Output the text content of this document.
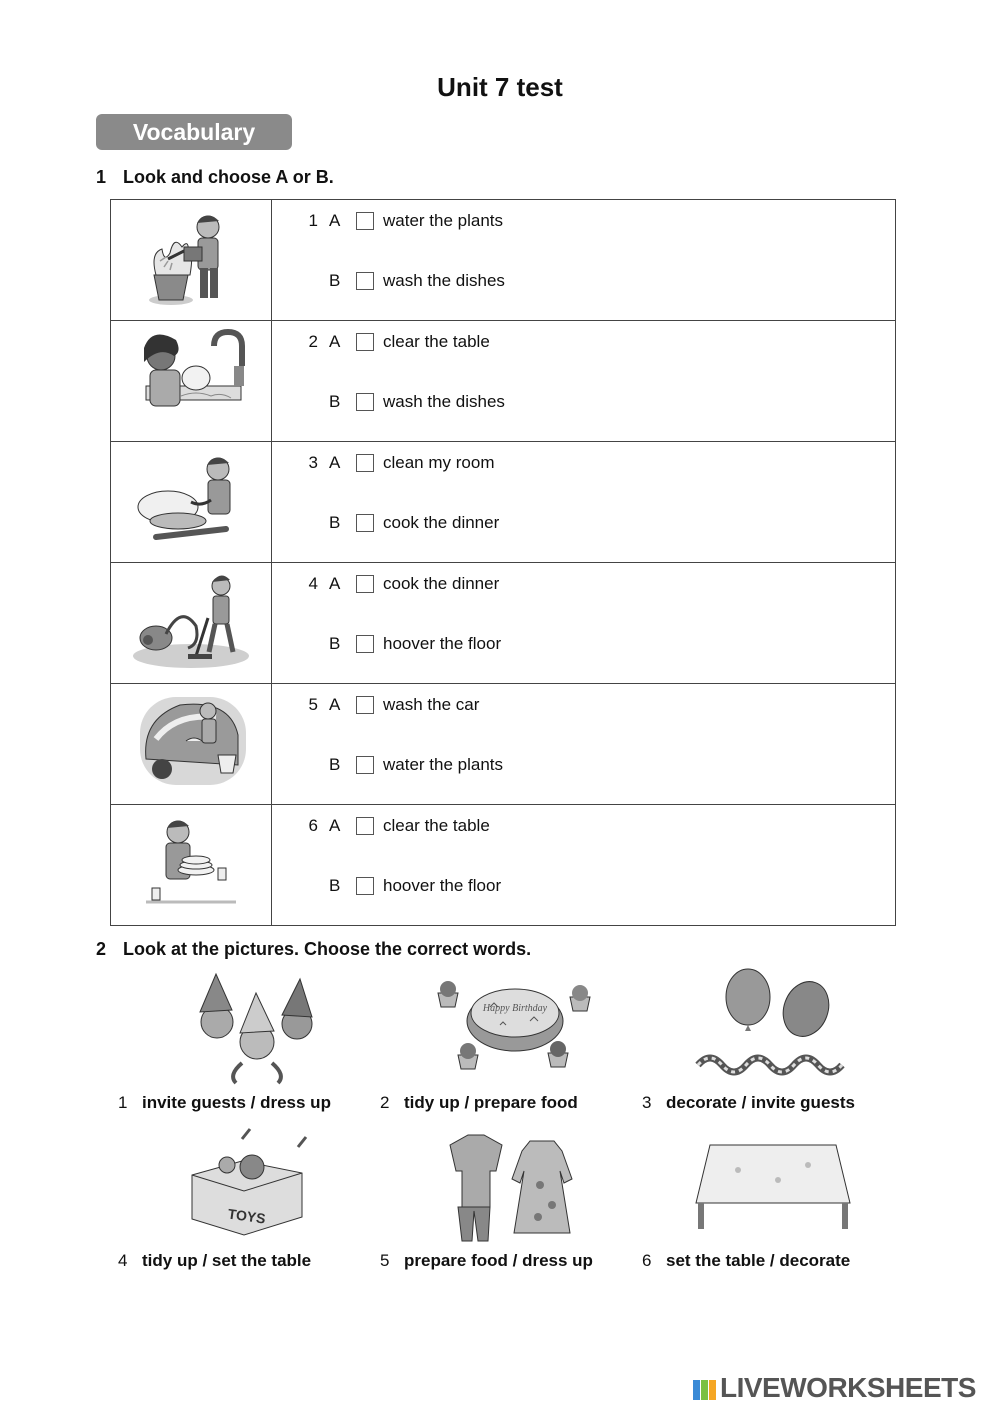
Unit 7 test
Vocabulary
1 Look and choose A or B.

1 A water the plants
B wash the dishes

2 A clear the table
B wash the dishes

3 A clean my room
B cook the dinner

4 A cook the dinner
B hoover the floor

5 A wash the car
B water the plants

6 A clear the table
B hoover the floor
2 Look at the pictures. Choose the correct words.
1 invite guests / dress up
Happy Birthday
2 tidy up / prepare food	3 decorate / invite guests
TOYS
4 tidy up / set the table	5 prepare food / dress up	6 set the table / decorate
LIVEWORKSHEETS
